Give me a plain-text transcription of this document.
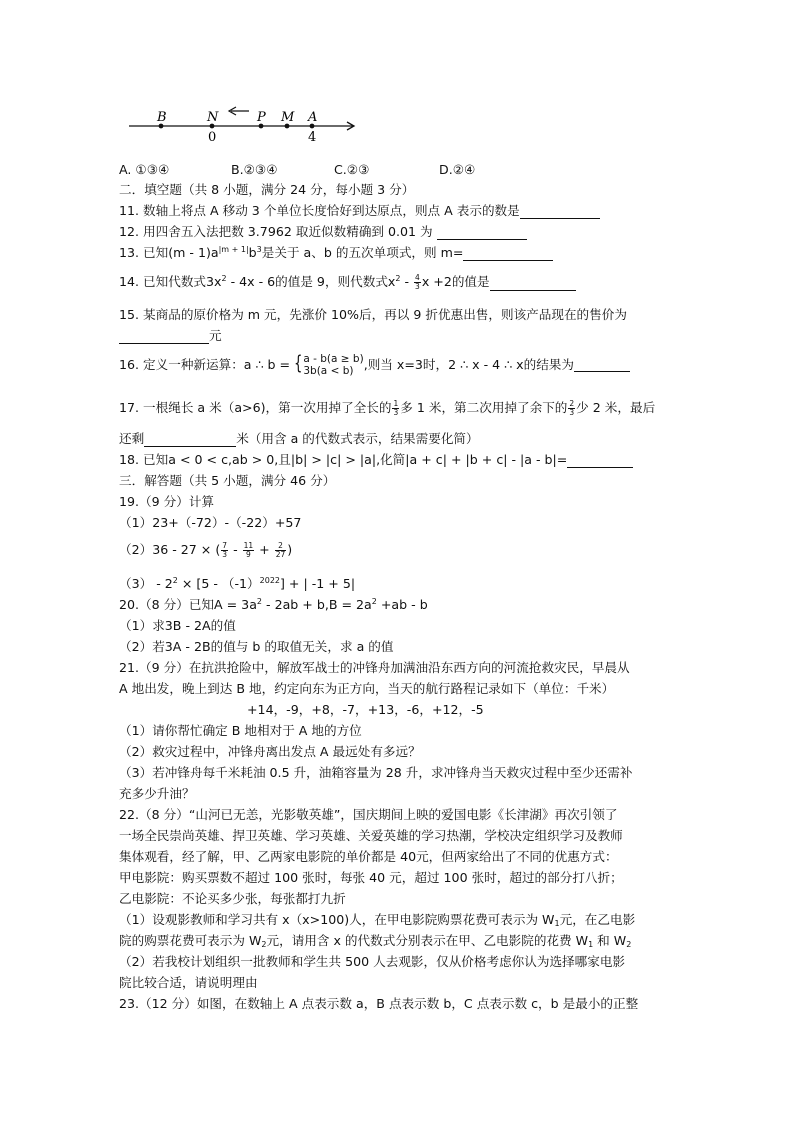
B	N	P M A
0	4
A. ①③④	B.②③④	C.②③	D.②④
二．填空题（共 8 小题，满分 24 分，每小题 3 分）
11. 数轴上将点 A 移动 3 个单位长度恰好到达原点，则点 A 表示的数是
12. 用四舍五入法把数 3.7962 取近似数精确到 0.01 为
13. 已知$(m - 1)a^{|m + 1|}b^3$是关于 a、b 的五次单项式，则 m=
14. 已知代数式$3x^2 - 4x - 6$的值是 9，则代数式$x^2 - \frac{4}{3}$ x +2的值是
15. 某商品的原价格为 m 元，先涨价 10%后，再以 9 折优惠出售，则该产品现在的售价为
元
16. 定义一种新运算：a ∴ b = { a - b(a ≥ b)
3b(a < b) ,则当 x=3时，2 ∴ x - 4 ∴ x的结果为
17. 一根绳长 a 米（a>6)，第一次用掉了全长的 $\frac{1}{3}$ 多 1 米，第二次用掉了余下的 $\frac{2}{3}$ 少 2 米，最后
还剩	米（用含 a 的代数式表示，结果需要化简）
18. 已知a < 0 < c,ab > 0,且|b| > |c| > |a|,化简|a + c| + |b + c| - |a - b|=
三．解答题（共 5 小题，满分 46 分）
19.（9 分）计算
（1）23+（-72）-（-22）+57
（2）36 - 27 × ( $\frac{7}{3} - \frac{11}{9} + \frac{2}{27}$ )
$(3) - 2^2 \times [5 - (-1)^{2022}]$ + | -1 + 5|
20.（8 分）已知$A = 3a^2 - 2ab + b,B = 2a^2 +ab - b$
（1）求3B - 2A的值
（2）若3A - 2B的值与 b 的取值无关，求 a 的值
21.（9 分）在抗洪抢险中，解放军战士的冲锋舟加满油沿东西方向的河流抢救灾民，早晨从
A 地出发，晚上到达 B 地，约定向东为正方向，当天的航行路程记录如下（单位：千米）
+14，-9，+8，-7，+13，-6，+12，-5
（1）请你帮忙确定 B 地相对于 A 地的方位
（2）救灾过程中，冲锋舟离出发点 A 最远处有多远？
（3）若冲锋舟每千米耗油 0.5 升，油箱容量为 28 升，求冲锋舟当天救灾过程中至少还需补
充多少升油？
22.（8 分）“山河已无恙，光影敬英雄”，国庆期间上映的爱国电影《长津湖》再次引领了
一场全民崇尚英雄、捍卫英雄、学习英雄、关爱英雄的学习热潮，学校决定组织学习及教师
集体观看，经了解，甲、乙两家电影院的单价都是 40元，但两家给出了不同的优惠方式：
甲电影院：购买票数不超过 100 张时，每张 40 元，超过 100 张时，超过的部分打八折；
乙电影院：不论买多少张，每张都打九折
（1）设观影教师和学习共有 x（x>100)人，在甲电影院购票花费可表示为 $W_1$元，在乙电影
院的购票花费可表示为 $W_2$元，请用含 x 的代数式分别表示在甲、乙电影院的花费 $W_1$ 和 $W_2$
（2）若我校计划组织一批教师和学生共 500 人去观影，仅从价格考虑你认为选择哪家电影
院比较合适，请说明理由
23.（12 分）如图，在数轴上 A 点表示数 a，B 点表示数 b，C 点表示数 c，b 是最小的正整
